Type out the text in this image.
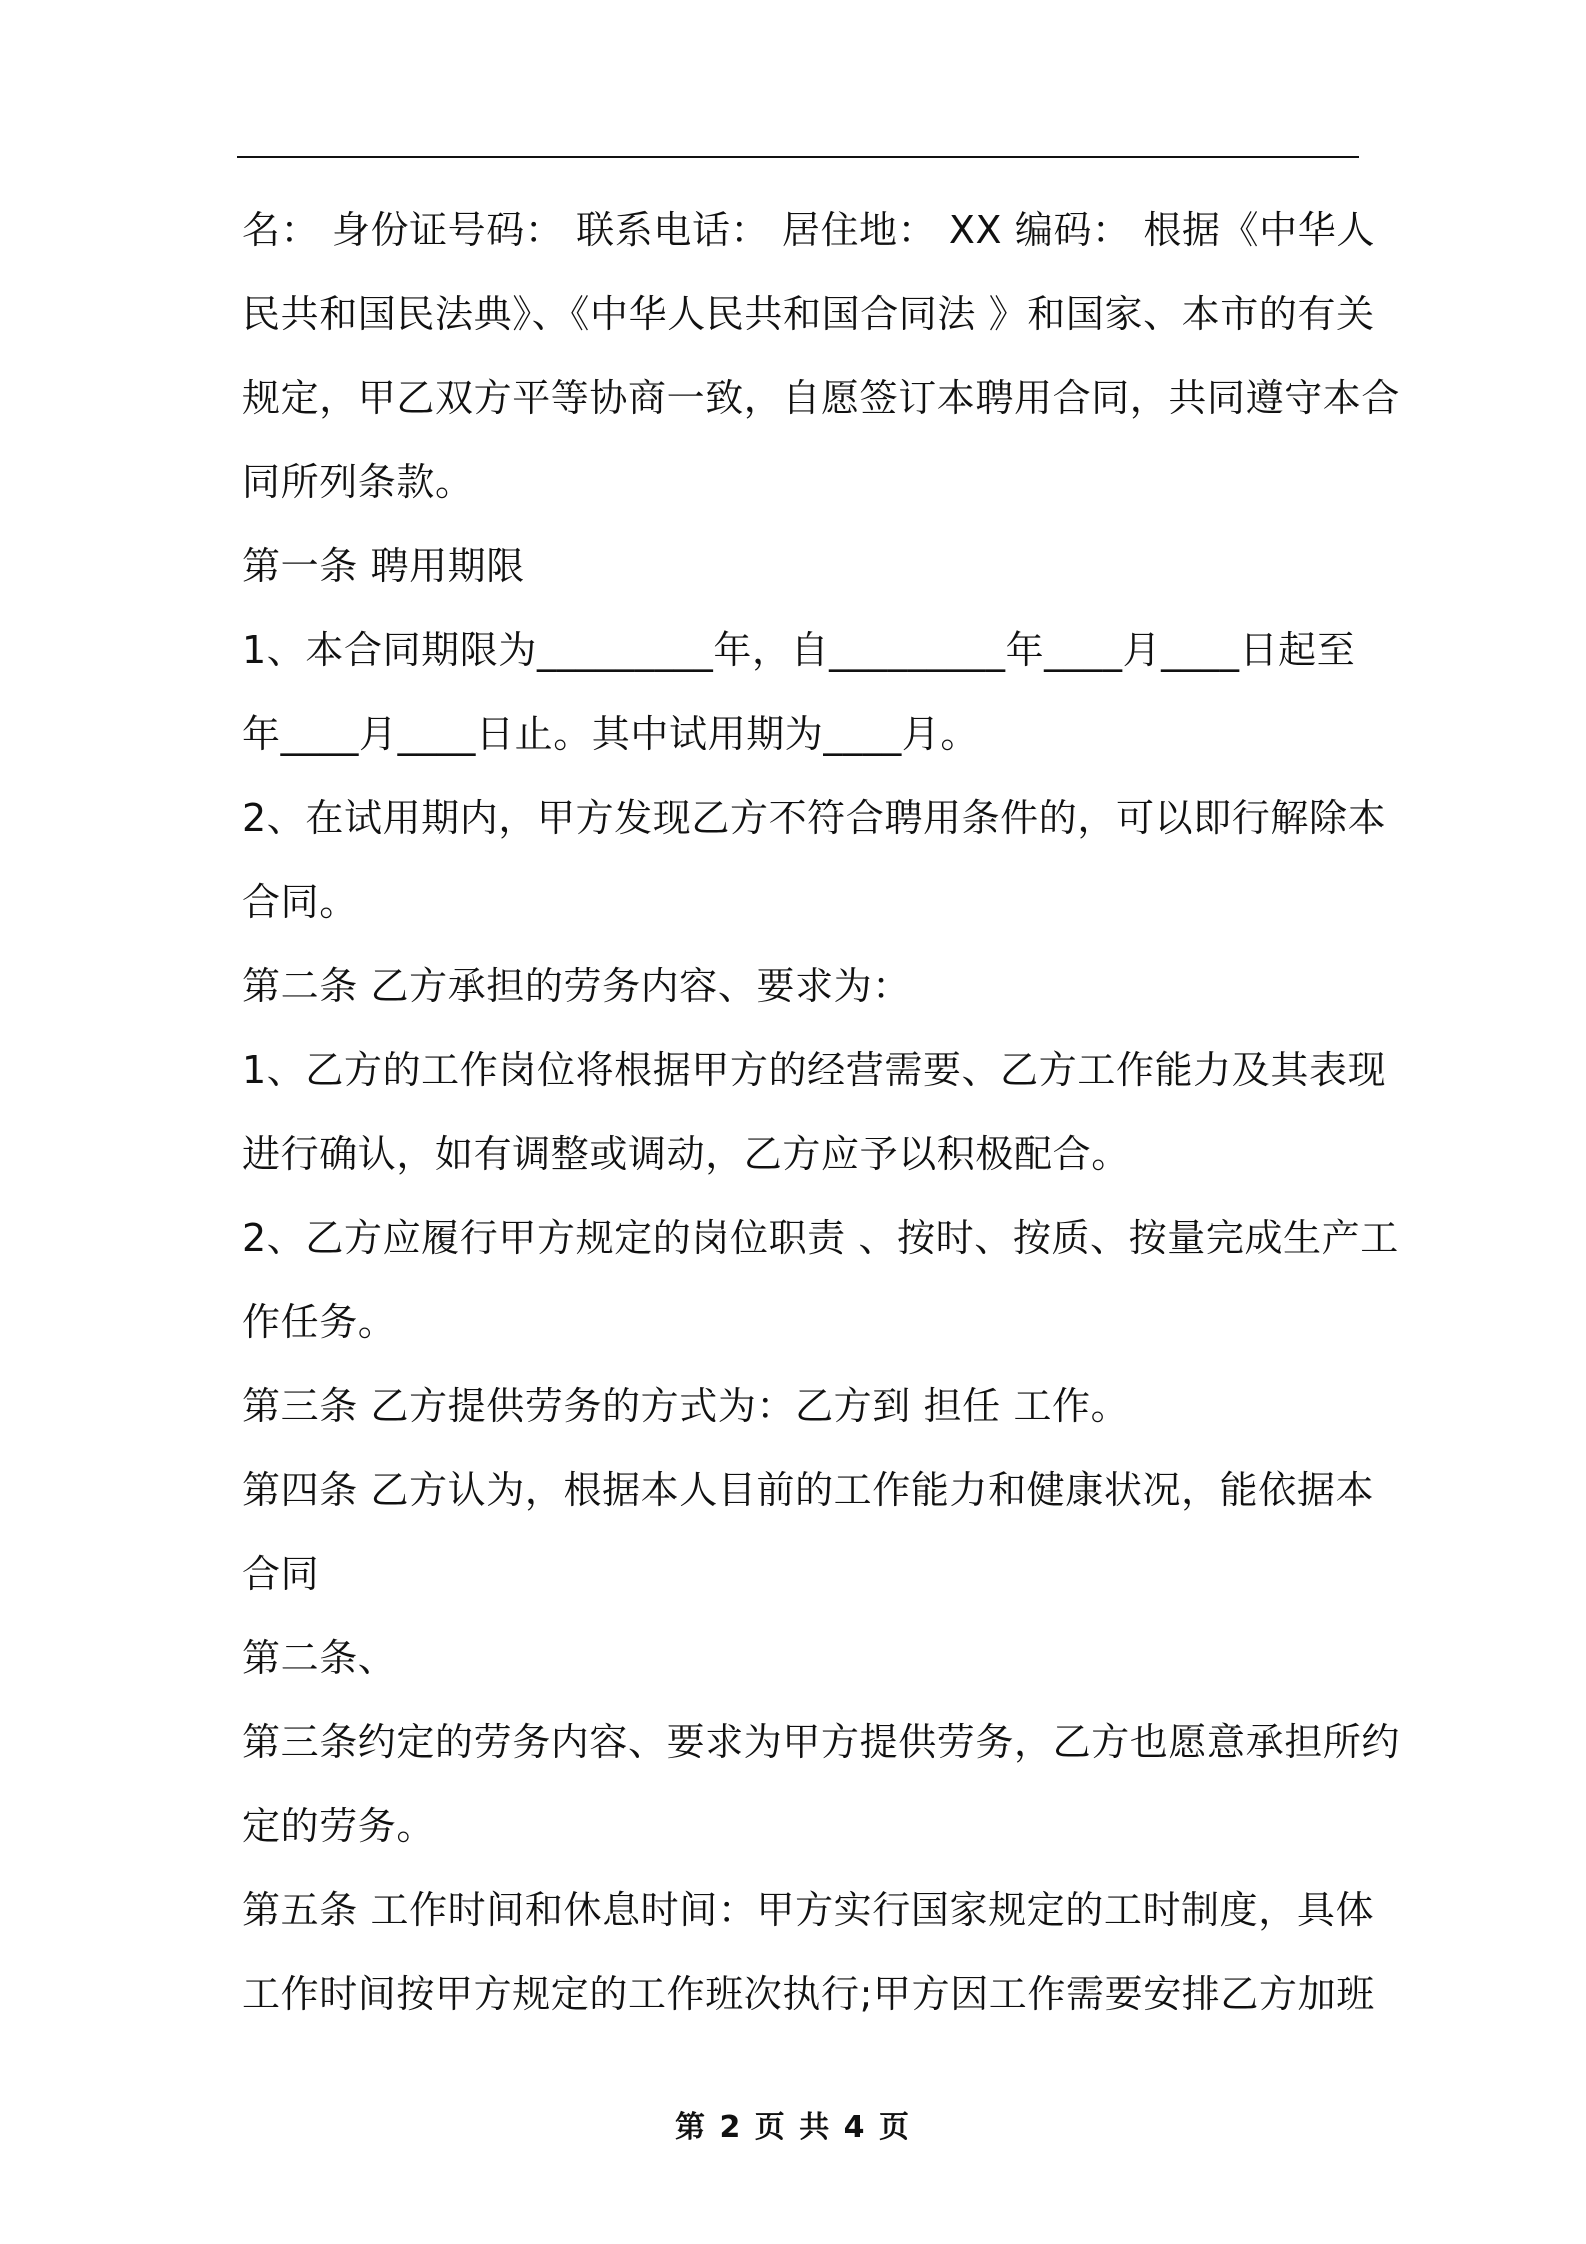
名： 身份证号码： 联系电话： 居住地： XX 编码： 根据《中华人
民共和国民法典》、《中华人民共和国合同法 》和国家、本市的有关
规定，甲乙双方平等协商一致，自愿签订本聘用合同，共同遵守本合
同所列条款。
第一条 聘用期限
1、本合同期限为_________年，自_________年____月____日起至
年____月____日止。其中试用期为____月。
2、在试用期内，甲方发现乙方不符合聘用条件的，可以即行解除本
合同。
第二条 乙方承担的劳务内容、要求为：
1、乙方的工作岗位将根据甲方的经营需要、乙方工作能力及其表现
进行确认，如有调整或调动，乙方应予以积极配合。
2、乙方应履行甲方规定的岗位职责 、按时、按质、按量完成生产工
作任务。
第三条 乙方提供劳务的方式为：乙方到 担任 工作。
第四条 乙方认为，根据本人目前的工作能力和健康状况，能依据本
合同
第二条、
第三条约定的劳务内容、要求为甲方提供劳务，乙方也愿意承担所约
定的劳务。
第五条 工作时间和休息时间：甲方实行国家规定的工时制度，具体
工作时间按甲方规定的工作班次执行;甲方因工作需要安排乙方加班
第 2 页 共 4 页
